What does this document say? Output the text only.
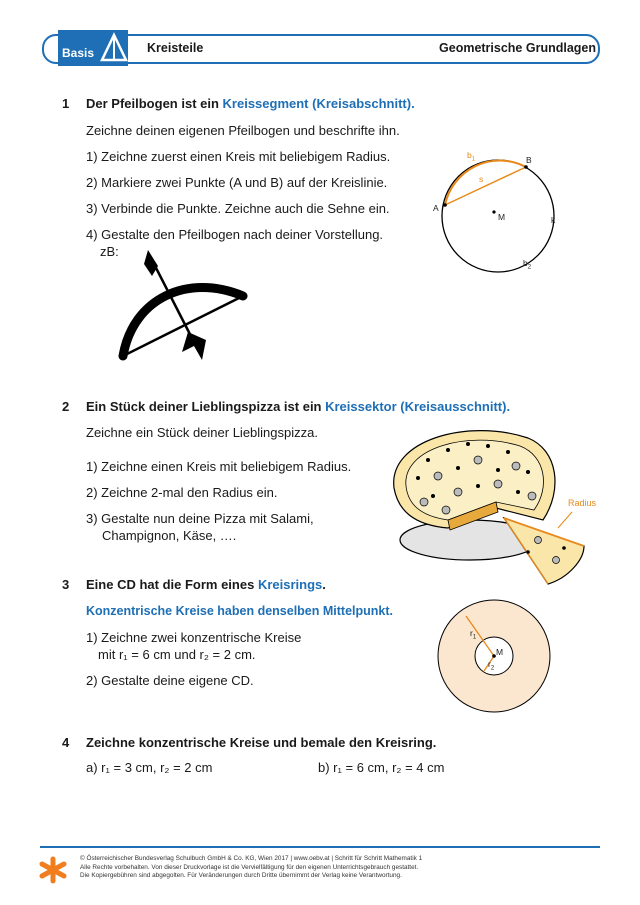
Basis	Kreisteile	Geometrische Grundlagen
1 Der Pfeilbogen ist ein Kreissegment (Kreisabschnitt).
Zeichne deinen eigenen Pfeilbogen und beschrifte ihn.
1) Zeichne zuerst einen Kreis mit beliebigem Radius.
2) Markiere zwei Punkte (A und B) auf der Kreislinie.
3) Verbinde die Punkte. Zeichne auch die Sehne ein.
4) Gestalte den Pfeilbogen nach deiner Vorstellung.
zB:
$b_1$	B
A
s
M	k
$b_2$
2 Ein Stück deiner Lieblingspizza ist ein Kreissektor (Kreisausschnitt).
Zeichne ein Stück deiner Lieblingspizza.
1) Zeichne einen Kreis mit beliebigem Radius.
2) Zeichne 2-mal den Radius ein.
3) Gestalte nun deine Pizza mit Salami,
Champignon, Käse, ….
Radius
3 Eine CD hat die Form eines Kreisrings.
Konzentrische Kreise haben denselben Mittelpunkt.
1) Zeichne zwei konzentrische Kreise
mit r₁ = 6 cm und r₂ = 2 cm.
2) Gestalte deine eigene CD.
$r_1$
$r_2$
M
4 Zeichne konzentrische Kreise und bemale den Kreisring.
a) r₁ = 3 cm, r₂ = 2 cm	b) r₁ = 6 cm, r₂ = 4 cm
© Österreichischer Bundesverlag Schulbuch GmbH & Co. KG, Wien 2017 | www.oebv.at | Schritt für Schritt Mathematik 1
Alle Rechte vorbehalten. Von dieser Druckvorlage ist die Vervielfältigung für den eigenen Unterrichtsgebrauch gestattet.
Die Kopiergebühren sind abgegolten. Für Veränderungen durch Dritte übernimmt der Verlag keine Verantwortung.
